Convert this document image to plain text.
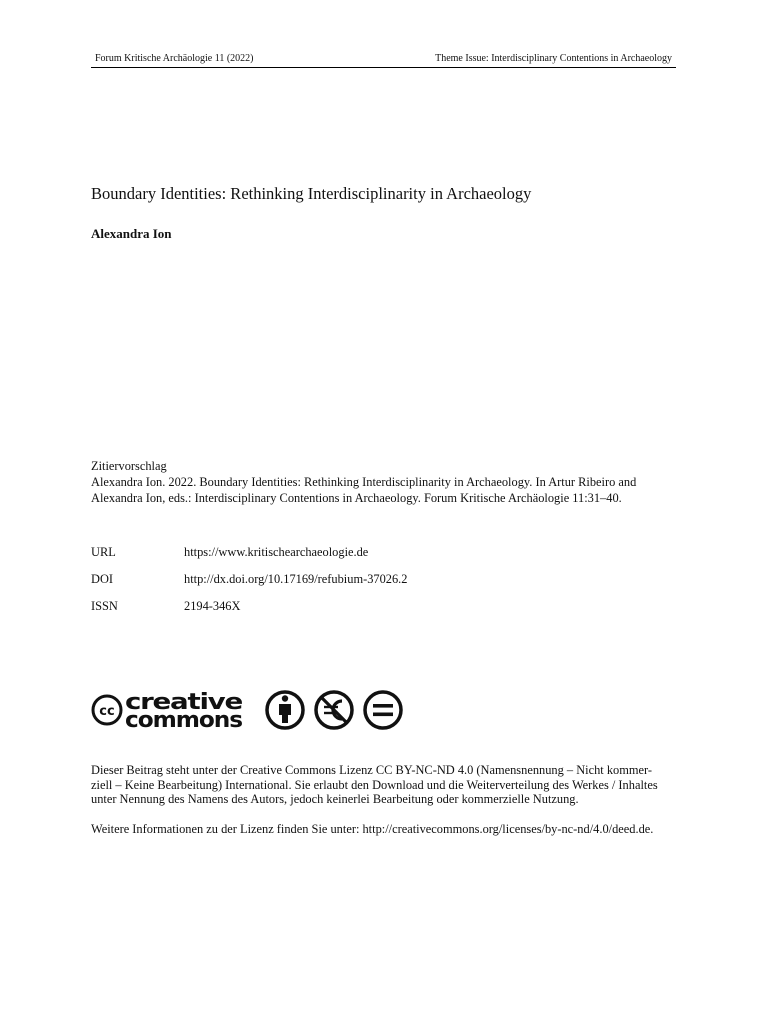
Forum Kritische Archäologie 11 (2022)	Theme Issue: Interdisciplinary Contentions in Archaeology
Boundary Identities: Rethinking Interdisciplinarity in Archaeology
Alexandra Ion

Zitiervorschlag

Alexandra Ion. 2022. Boundary Identities: Rethinking Interdisciplinarity in Archaeology. In Artur Ribeiro and

Alexandra Ion, eds.: Interdisciplinary Contentions in Archaeology. Forum Kritische Archäologie 11:31–40.

URL	https://www.kritischearchaeologie.de
DOI	http://dx.doi.org/10.17169/refubium-37026.2
ISSN	2194-346X
cc creative
commons

Dieser Beitrag steht unter der Creative Commons Lizenz CC BY-NC-ND 4.0 (Namensnennung – Nicht kommer-

ziell – Keine Bearbeitung) International. Sie erlaubt den Download und die Weiterverteilung des Werkes / Inhaltes

unter Nennung des Namens des Autors, jedoch keinerlei Bearbeitung oder kommerzielle Nutzung.

Weitere Informationen zu der Lizenz finden Sie unter: http://creativecommons.org/licenses/by-nc-nd/4.0/deed.de.
